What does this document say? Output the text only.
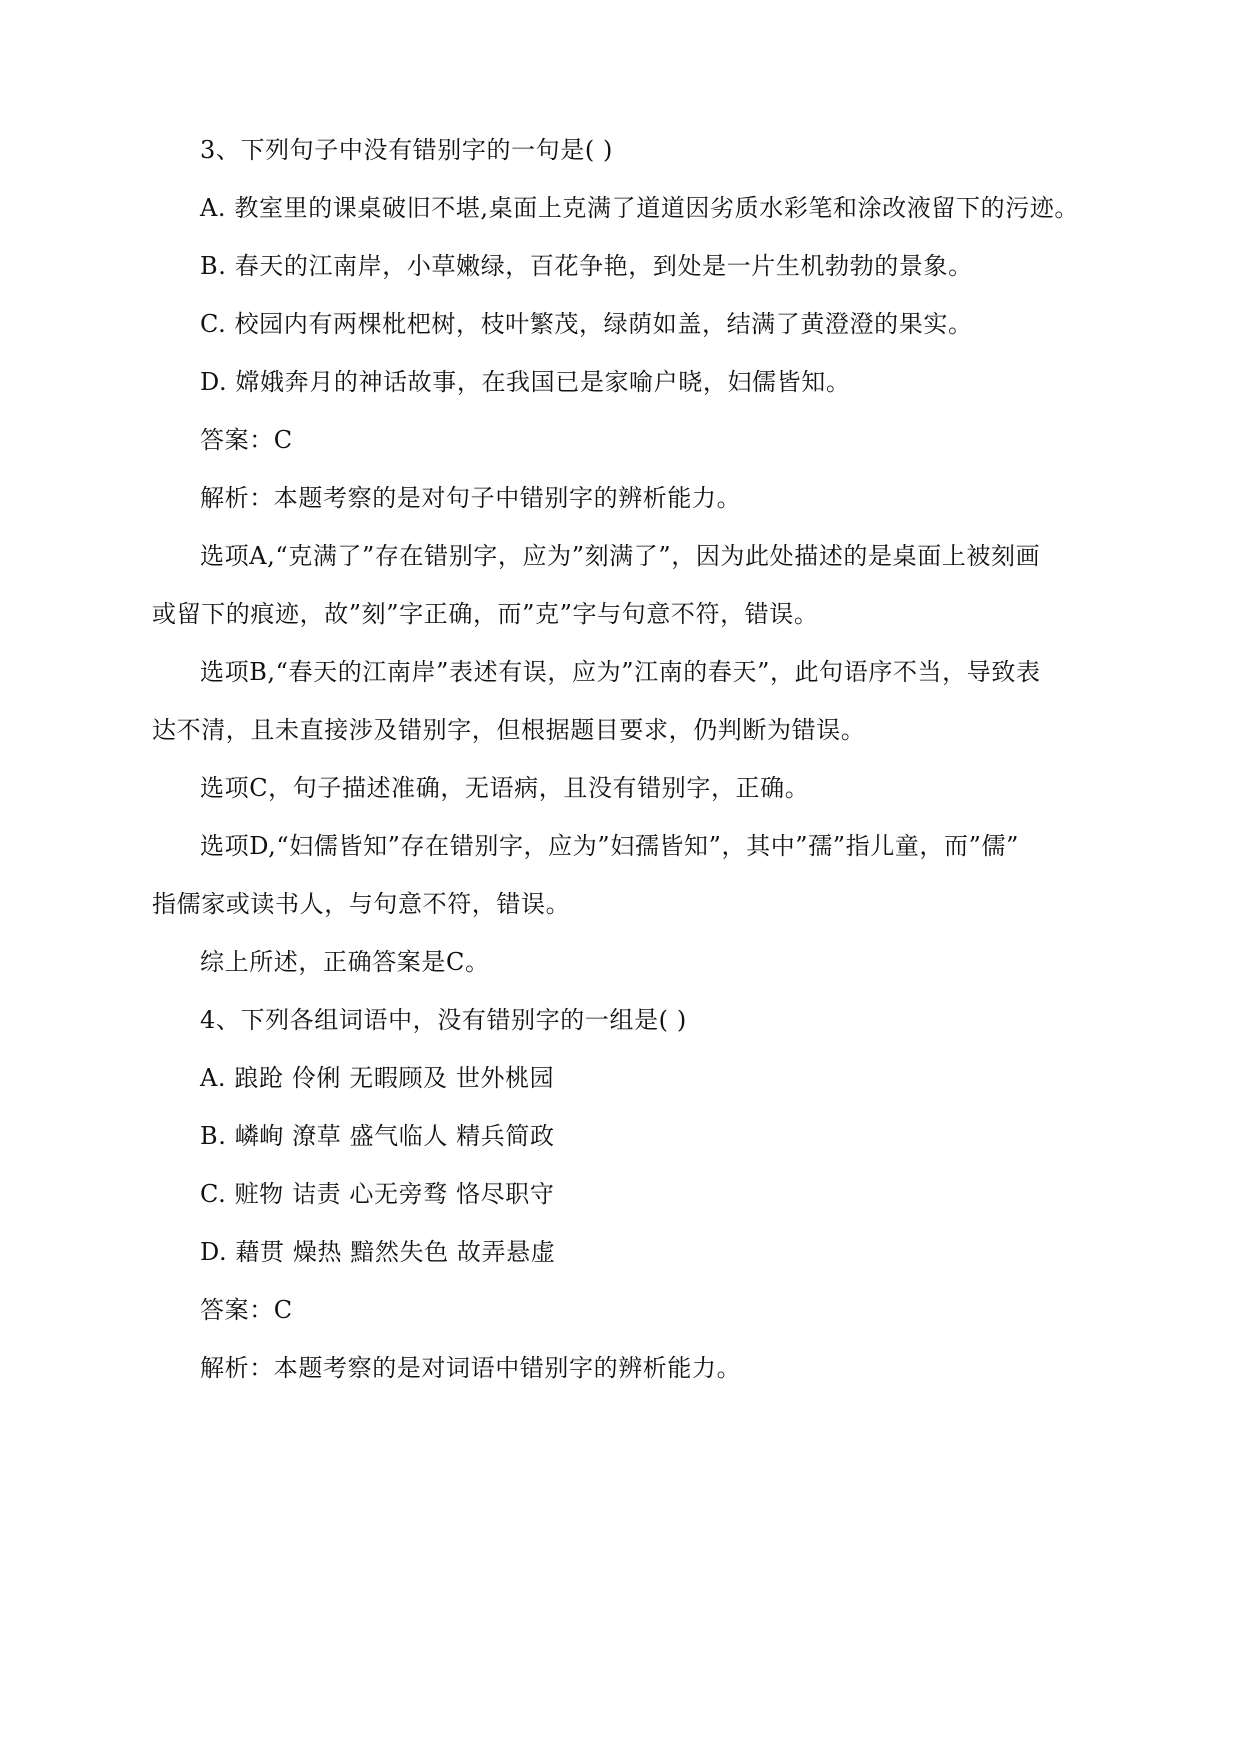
3、下列句子中没有错别字的一句是( )

A. 教室里的课桌破旧不堪,桌面上克满了道道因劣质水彩笔和涂改液留下的污迹。

B. 春天的江南岸，小草嫩绿，百花争艳，到处是一片生机勃勃的景象。

C. 校园内有两棵枇杷树，枝叶繁茂，绿荫如盖，结满了黄澄澄的果实。

D. 嫦娥奔月的神话故事，在我国已是家喻户晓，妇儒皆知。

答案：C

解析：本题考察的是对句子中错别字的辨析能力。

选项A,“克满了”存在错别字，应为”刻满了”，因为此处描述的是桌面上被刻画

或留下的痕迹，故”刻”字正确，而”克”字与句意不符，错误。

选项B,“春天的江南岸”表述有误，应为”江南的春天”，此句语序不当，导致表

达不清，且未直接涉及错别字，但根据题目要求，仍判断为错误。

选项C，句子描述准确，无语病，且没有错别字，正确。

选项D,“妇儒皆知”存在错别字，应为”妇孺皆知”，其中”孺”指儿童，而”儒”

指儒家或读书人，与句意不符，错误。

综上所述，正确答案是C。

4、下列各组词语中，没有错别字的一组是( )

A. 踉跄 伶俐 无暇顾及 世外桃园

B. 嶙峋 潦草 盛气临人 精兵简政

C. 赃物 诘责 心无旁骛 恪尽职守

D. 藉贯 燥热 黯然失色 故弄悬虚

答案：C

解析：本题考察的是对词语中错别字的辨析能力。
